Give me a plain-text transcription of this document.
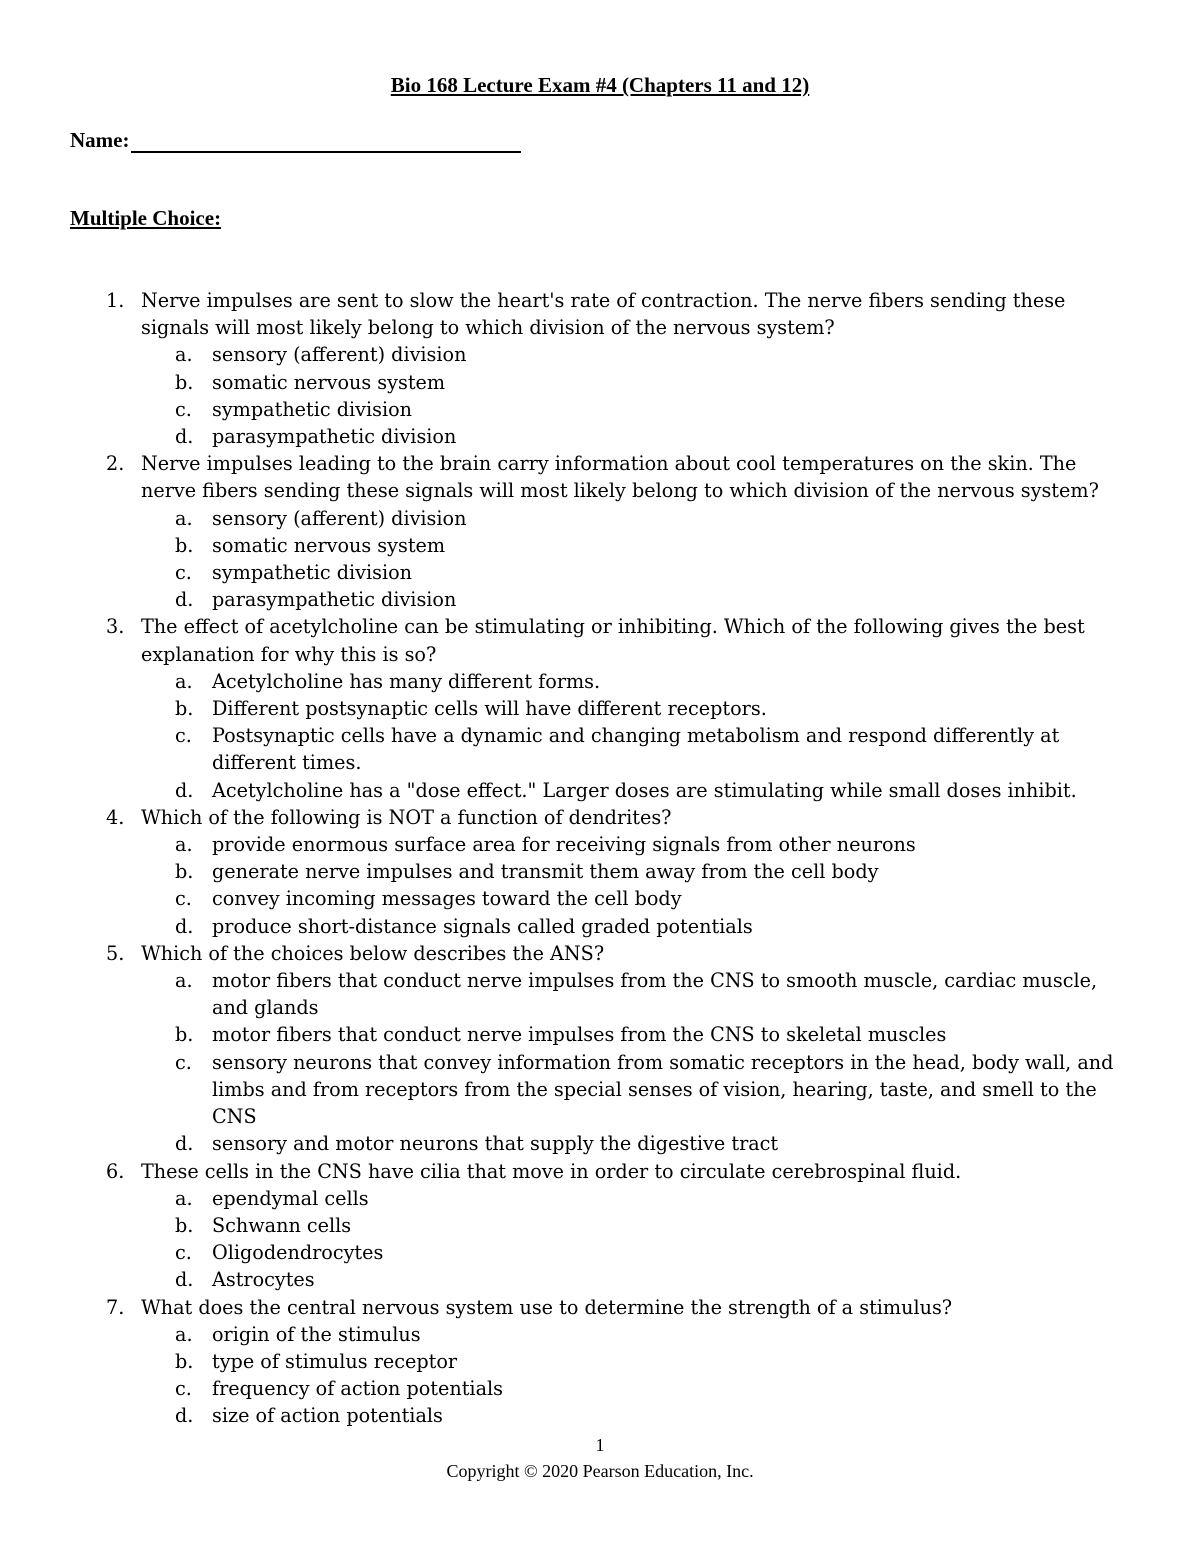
Bio 168 Lecture Exam #4 (Chapters 11 and 12)
Name:
Multiple Choice:
1. Nerve impulses are sent to slow the heart's rate of contraction. The nerve fibers sending these signals will most likely belong to which division of the nervous system?
a. sensory (afferent) division
b. somatic nervous system
c. sympathetic division
d. parasympathetic division
2. Nerve impulses leading to the brain carry information about cool temperatures on the skin. The nerve fibers sending these signals will most likely belong to which division of the nervous system?
a. sensory (afferent) division
b. somatic nervous system
c. sympathetic division
d. parasympathetic division
3. The effect of acetylcholine can be stimulating or inhibiting. Which of the following gives the best explanation for why this is so?
a. Acetylcholine has many different forms.
b. Different postsynaptic cells will have different receptors.
c. Postsynaptic cells have a dynamic and changing metabolism and respond differently at different times.
d. Acetylcholine has a "dose effect." Larger doses are stimulating while small doses inhibit.
4. Which of the following is NOT a function of dendrites?
a. provide enormous surface area for receiving signals from other neurons
b. generate nerve impulses and transmit them away from the cell body
c. convey incoming messages toward the cell body
d. produce short-distance signals called graded potentials
5. Which of the choices below describes the ANS?
a. motor fibers that conduct nerve impulses from the CNS to smooth muscle, cardiac muscle, and glands
b. motor fibers that conduct nerve impulses from the CNS to skeletal muscles
c. sensory neurons that convey information from somatic receptors in the head, body wall, and limbs and from receptors from the special senses of vision, hearing, taste, and smell to the CNS
d. sensory and motor neurons that supply the digestive tract
6. These cells in the CNS have cilia that move in order to circulate cerebrospinal fluid.
a. ependymal cells
b. Schwann cells
c. Oligodendrocytes
d. Astrocytes
7. What does the central nervous system use to determine the strength of a stimulus?
a. origin of the stimulus
b. type of stimulus receptor
c. frequency of action potentials
d. size of action potentials
1
Copyright © 2020 Pearson Education, Inc.
